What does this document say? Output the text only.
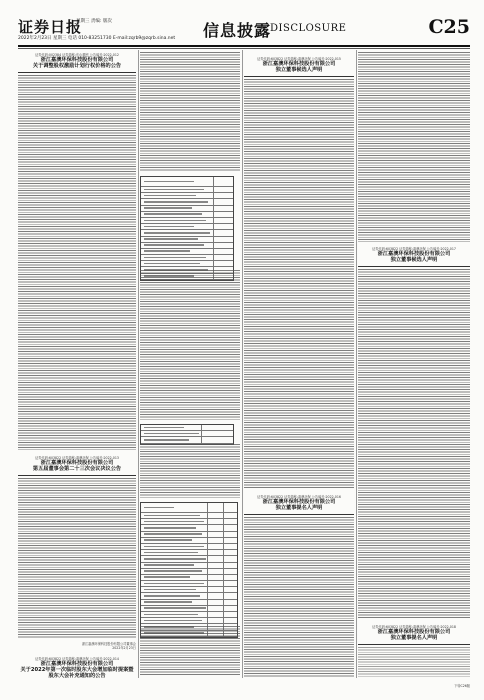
证券日报
星期三 责编: 版次
2022年2月23日 星期三 电话 010-83251730 E-mail:zqrb9@zqrb.sina.net 信息披露
DISCLOSURE	C25
证券代码:002384 证券简称:东山精密 公告编号:2022-012
浙江嘉澳环保科技股份有限公司
关于调整股权激励计划行权价格的公告
证券代码:603822 证券简称:嘉澳环保 公告编号:2022-013
浙江嘉澳环保科技股份有限公司
第五届董事会第二十三次会议决议公告
浙江嘉澳环保科技股份有限公司董事会
2022年2月23日
证券代码:603822 证券简称:嘉澳环保 公告编号:2022-014
浙江嘉澳环保科技股份有限公司
关于2022年第一次临时股东大会增加临时提案暨股东大会补充通知的公告
证券代码:603822 证券简称:嘉澳环保 公告编号:2022-015
浙江嘉澳环保科技股份有限公司
独立董事候选人声明
证券代码:603822 证券简称:嘉澳环保 公告编号:2022-016
浙江嘉澳环保科技股份有限公司
独立董事提名人声明
证券代码:603822 证券简称:嘉澳环保 公告编号:2022-017
浙江嘉澳环保科技股份有限公司
独立董事候选人声明
证券代码:603822 证券简称:嘉澳环保 公告编号:2022-018
浙江嘉澳环保科技股份有限公司
独立董事提名人声明
下转C26版
